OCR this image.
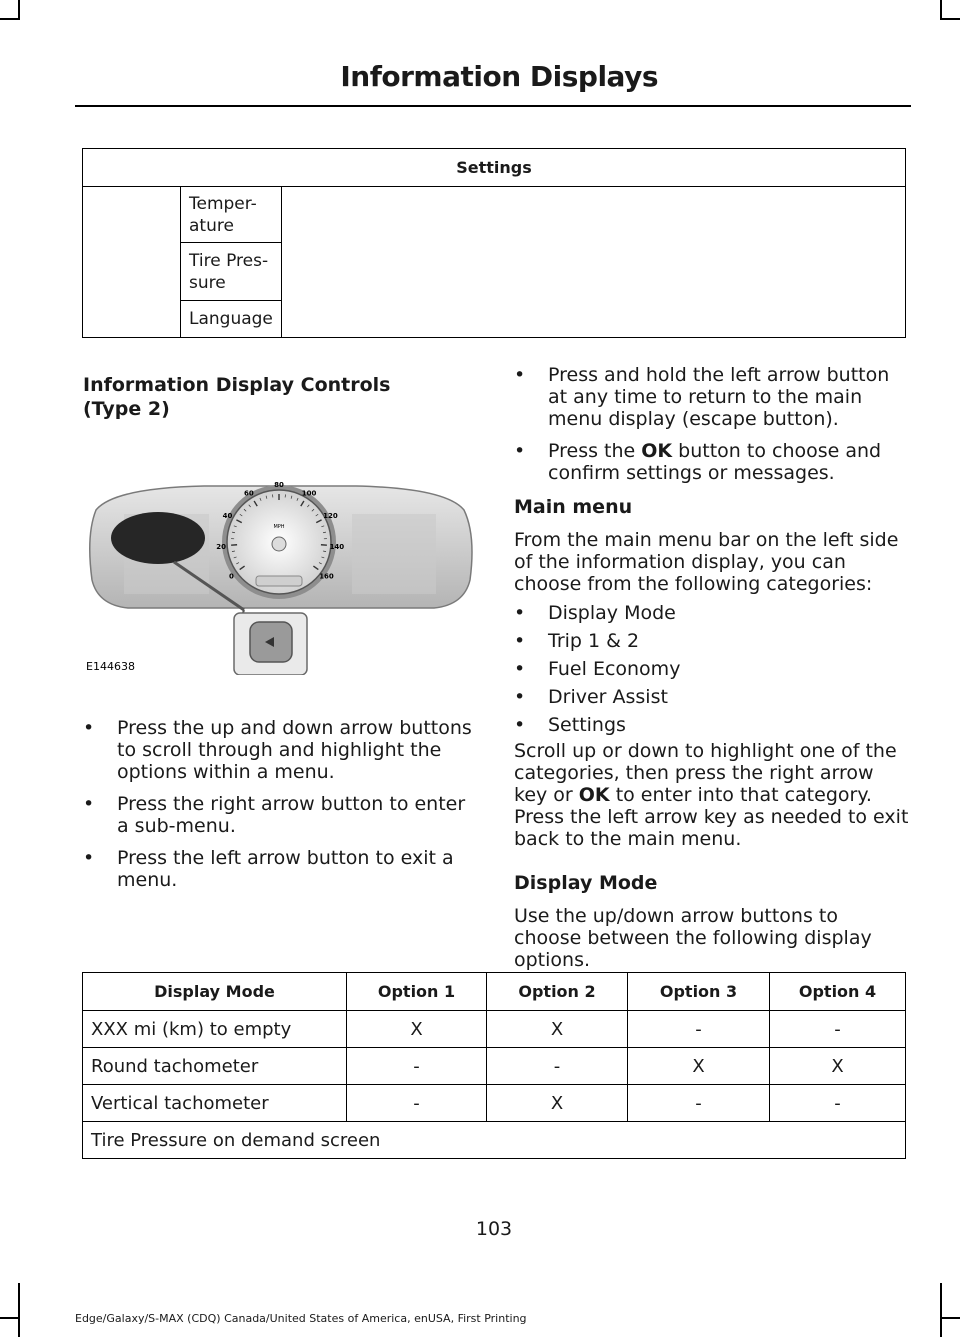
Information Displays
Settings
	Temper-
ature	
Tire Pres-
sure
Language
Information Display Controls (Type 2)
0
20
40
60
80
100
120
140
160
MPH
E144638
• Press the up and down arrow buttons to scroll through and highlight the options within a menu.
• Press the right arrow button to enter a sub-menu.
• Press the left arrow button to exit a menu.
• Press and hold the left arrow button at any time to return to the main menu display (escape button).
• Press the OK button to choose and confirm settings or messages.
Main menu

From the main menu bar on the left side of the information display, you can choose from the following categories:

• Display Mode
• Trip 1 & 2
• Fuel Economy
• Driver Assist
• Settings

Scroll up or down to highlight one of the categories, then press the right arrow key or OK to enter into that category. Press the left arrow key as needed to exit back to the main menu.

Display Mode

Use the up/down arrow buttons to choose between the following display options.

Display Mode	Option 1	Option 2	Option 3	Option 4
XXX mi (km) to empty	X	X	-	-
Round tachometer	-	-	X	X
Vertical tachometer	-	X	-	-
Tire Pressure on demand screen				
103
Edge/Galaxy/S-MAX (CDQ) Canada/United States of America, enUSA, First Printing
